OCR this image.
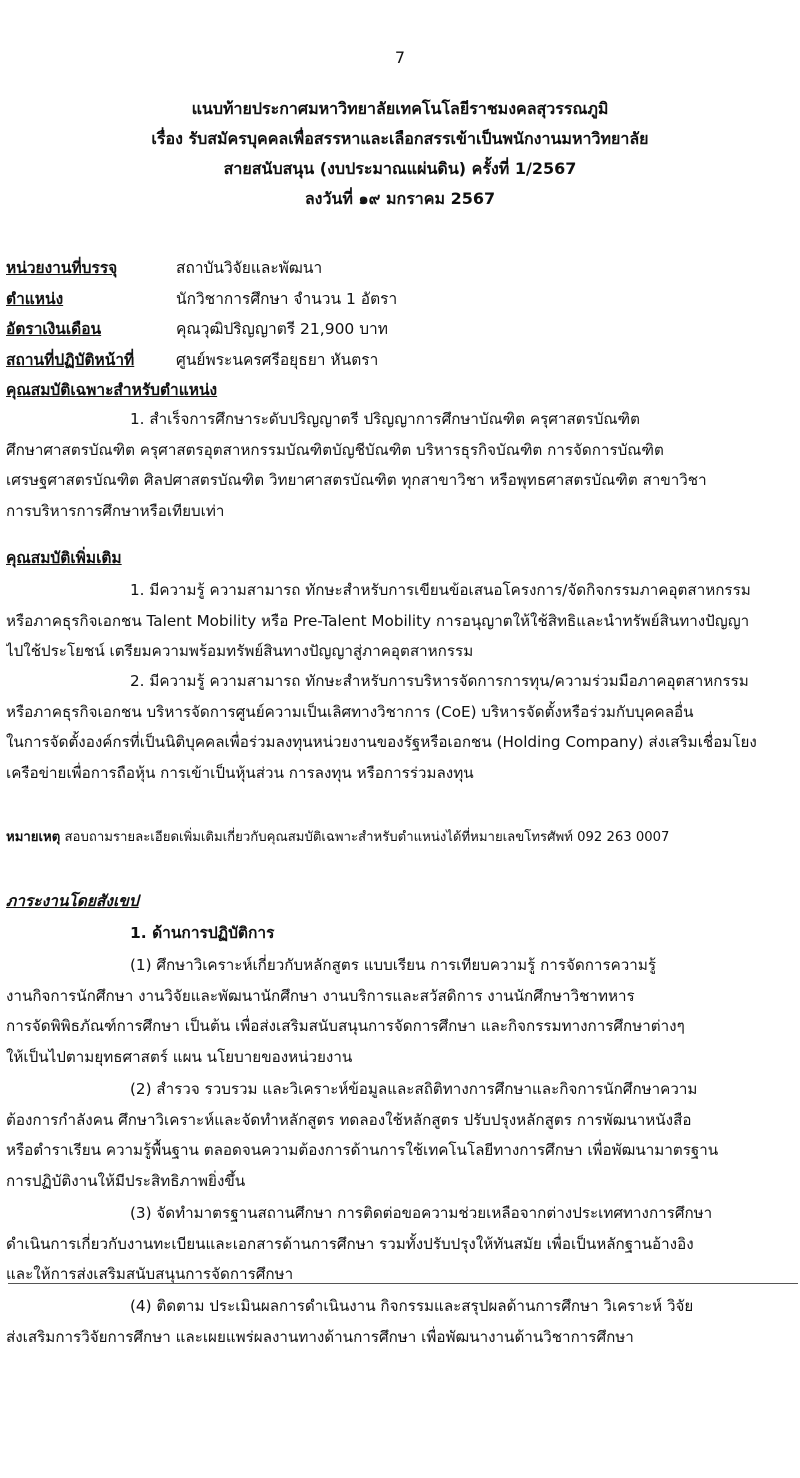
7
แนบท้ายประกาศมหาวิทยาลัยเทคโนโลยีราชมงคลสุวรรณภูมิ
เรื่อง รับสมัครบุคคลเพื่อสรรหาและเลือกสรรเข้าเป็นพนักงานมหาวิทยาลัย
สายสนับสนุน (งบประมาณแผ่นดิน) ครั้งที่ 1/2567
ลงวันที่ ๑๙ มกราคม 2567
หน่วยงานที่บรรจุ	สถาบันวิจัยและพัฒนา
ตำแหน่ง	นักวิชาการศึกษา จำนวน 1 อัตรา
อัตราเงินเดือน	คุณวุฒิปริญญาตรี 21,900 บาท
สถานที่ปฏิบัติหน้าที่	ศูนย์พระนครศรีอยุธยา หันตรา
คุณสมบัติเฉพาะสำหรับตำแหน่ง
1. สำเร็จการศึกษาระดับปริญญาตรี ปริญญาการศึกษาบัณฑิต ครุศาสตรบัณฑิต
ศึกษาศาสตรบัณฑิต ครุศาสตรอุตสาหกรรมบัณฑิตบัญชีบัณฑิต บริหารธุรกิจบัณฑิต การจัดการบัณฑิต
เศรษฐศาสตรบัณฑิต ศิลปศาสตรบัณฑิต วิทยาศาสตรบัณฑิต ทุกสาขาวิชา หรือพุทธศาสตรบัณฑิต สาขาวิชา
การบริหารการศึกษาหรือเทียบเท่า
คุณสมบัติเพิ่มเติม
1. มีความรู้ ความสามารถ ทักษะสำหรับการเขียนข้อเสนอโครงการ/จัดกิจกรรมภาคอุตสาหกรรม
หรือภาคธุรกิจเอกชน Talent Mobility หรือ Pre-Talent Mobility การอนุญาตให้ใช้สิทธิและนำทรัพย์สินทางปัญญา
ไปใช้ประโยชน์ เตรียมความพร้อมทรัพย์สินทางปัญญาสู่ภาคอุตสาหกรรม
2. มีความรู้ ความสามารถ ทักษะสำหรับการบริหารจัดการการทุน/ความร่วมมือภาคอุตสาหกรรม
หรือภาคธุรกิจเอกชน บริหารจัดการศูนย์ความเป็นเลิศทางวิชาการ (CoE) บริหารจัดตั้งหรือร่วมกับบุคคลอื่น
ในการจัดตั้งองค์กรที่เป็นนิติบุคคลเพื่อร่วมลงทุนหน่วยงานของรัฐหรือเอกชน (Holding Company) ส่งเสริมเชื่อมโยง
เครือข่ายเพื่อการถือหุ้น การเข้าเป็นหุ้นส่วน การลงทุน หรือการร่วมลงทุน
หมายเหตุ สอบถามรายละเอียดเพิ่มเติมเกี่ยวกับคุณสมบัติเฉพาะสำหรับตำแหน่งได้ที่หมายเลขโทรศัพท์ 092 263 0007
ภาระงานโดยสังเขป
1. ด้านการปฏิบัติการ
(1) ศึกษาวิเคราะห์เกี่ยวกับหลักสูตร แบบเรียน การเทียบความรู้ การจัดการความรู้
งานกิจการนักศึกษา งานวิจัยและพัฒนานักศึกษา งานบริการและสวัสดิการ งานนักศึกษาวิชาทหาร
การจัดพิพิธภัณฑ์การศึกษา เป็นต้น เพื่อส่งเสริมสนับสนุนการจัดการศึกษา และกิจกรรมทางการศึกษาต่างๆ
ให้เป็นไปตามยุทธศาสตร์ แผน นโยบายของหน่วยงาน
(2) สำรวจ รวบรวม และวิเคราะห์ข้อมูลและสถิติทางการศึกษาและกิจการนักศึกษาความ
ต้องการกำลังคน ศึกษาวิเคราะห์และจัดทำหลักสูตร ทดลองใช้หลักสูตร ปรับปรุงหลักสูตร การพัฒนาหนังสือ
หรือตำราเรียน ความรู้พื้นฐาน ตลอดจนความต้องการด้านการใช้เทคโนโลยีทางการศึกษา เพื่อพัฒนามาตรฐาน
การปฏิบัติงานให้มีประสิทธิภาพยิ่งขึ้น
(3) จัดทำมาตรฐานสถานศึกษา การติดต่อขอความช่วยเหลือจากต่างประเทศทางการศึกษา
ดำเนินการเกี่ยวกับงานทะเบียนและเอกสารด้านการศึกษา รวมทั้งปรับปรุงให้ทันสมัย เพื่อเป็นหลักฐานอ้างอิง
และให้การส่งเสริมสนับสนุนการจัดการศึกษา
(4) ติดตาม ประเมินผลการดำเนินงาน กิจกรรมและสรุปผลด้านการศึกษา วิเคราะห์ วิจัย
ส่งเสริมการวิจัยการศึกษา และเผยแพร่ผลงานทางด้านการศึกษา เพื่อพัฒนางานด้านวิชาการศึกษา
